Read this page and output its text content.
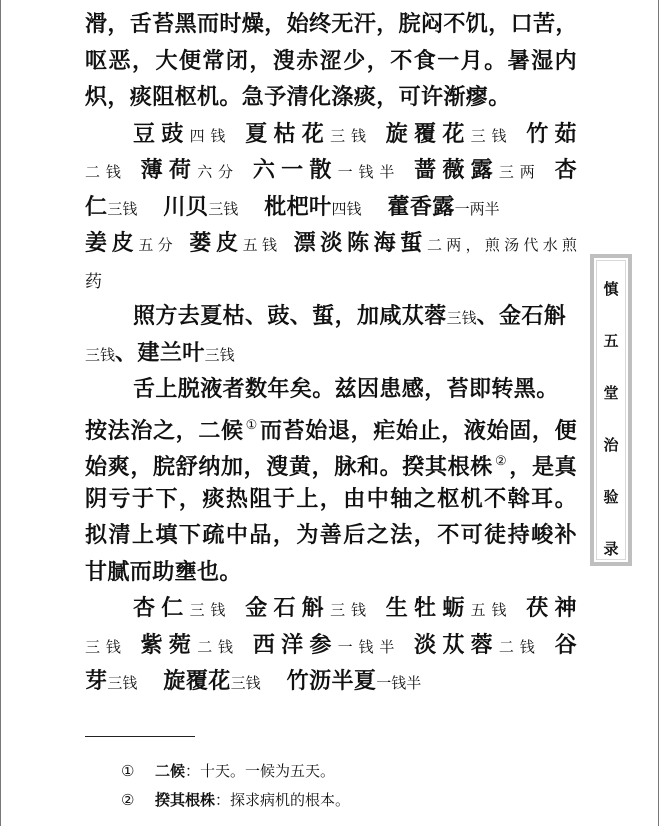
滑，舌苔黑而时燥，始终无汗，脘闷不饥，口苦，
呕恶，大便常闭，溲赤涩少，不食一月。暑湿内
炽，痰阻枢机。急予清化涤痰，可许渐瘳。
豆豉四钱 夏枯花三钱 旋覆花三钱 竹茹
二钱 薄荷六分 六一散一钱半 蔷薇露三两 杏
仁三钱 川贝三钱 枇杷叶四钱 藿香露一两半
姜皮五分 蒌皮五钱 漂淡陈海蜇二两，煎汤代水煎
药
照方去夏枯、豉、蜇，加咸苁蓉三钱、金石斛
三钱、建兰叶三钱
舌上脱液者数年矣。兹因患感，苔即转黑。
按法治之，二候 ①而苔始退，疟始止，液始固，便
始爽，脘舒纳加，溲黄，脉和。揆其根株 ②，是真
阴亏于下，痰热阻于上，由中轴之枢机不斡耳。
拟清上填下疏中品，为善后之法，不可徒持峻补
甘腻而助壅也。
杏仁三钱 金石斛三钱 生牡蛎五钱 茯神
三钱 紫菀二钱 西洋参一钱半 淡苁蓉二钱 谷
芽三钱 旋覆花三钱 竹沥半夏一钱半
慎
五
堂
治
验
录
① 二候：十天。一候为五天。
② 揆其根株：探求病机的根本。
